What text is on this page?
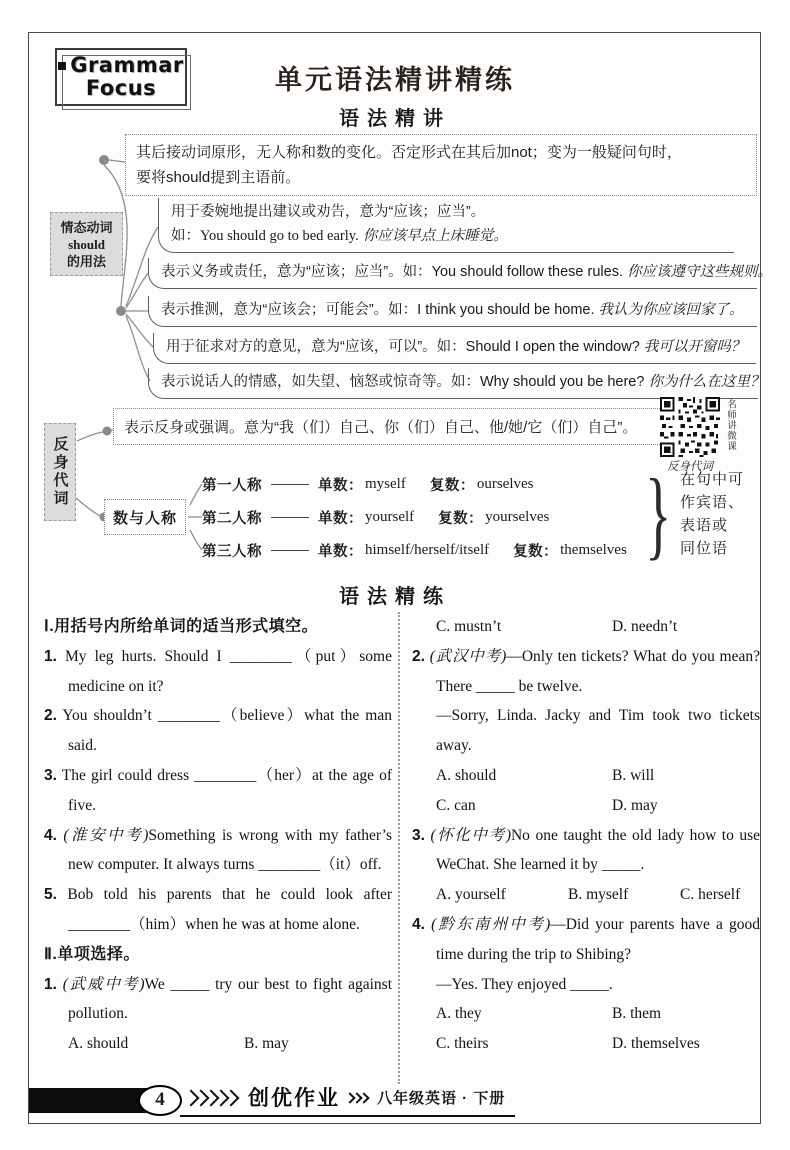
Grammar
Focus	单元语法精讲精练
语法精讲
其后接动词原形，无人称和数的变化。否定形式在其后加not；变为一般疑问句时，
要将should提到主语前。
情态动词
should
的用法
用于委婉地提出建议或劝告，意为“应该；应当”。
如：You should go to bed early. 你应该早点上床睡觉。
表示义务或责任，意为“应该；应当”。如：You should follow these rules. 你应该遵守这些规则。
表示推测，意为“应该会；可能会”。如：I think you should be home. 我认为你应该回家了。
用于征求对方的意见，意为“应该，可以”。如：Should I open the window? 我可以开窗吗？
表示说话人的情感，如失望、恼怒或惊奇等。如：Why should you be here? 你为什么在这里？
反身代词
表示反身或强调。意为“我（们）自己、你（们）自己、他/她/它（们）自己”。	名师讲微课
反身代词
数与人称
第一人称	单数： myself 复数： ourselves
第二人称	单数： yourself 复数： yourselves
第三人称	单数： himself/herself/itself 复数： themselves } 在句中可
作宾语、
表语或
同位语
语法精练
Ⅰ.用括号内所给单词的适当形式填空。
1. My leg hurts. Should I ________（put）some medicine on it?
2. You shouldn’t ________（believe）what the man said.
3. The girl could dress ________（her）at the age of five.
4. (淮安中考)Something is wrong with my father’s new computer. It always turns ________（it）off.
5. Bob told his parents that he could look after ________（him）when he was at home alone.
Ⅱ.单项选择。
1. (武威中考)We _____ try our best to fight against pollution.
A. should	B. may
C. mustn’t	D. needn’t
2. (武汉中考)—Only ten tickets? What do you mean? There _____ be twelve.
—Sorry, Linda. Jacky and Tim took two tickets away.
A. should	B. will
C. can	D. may
3. (怀化中考)No one taught the old lady how to use WeChat. She learned it by _____.
A. yourself	B. myself	C. herself
4. (黔东南州中考)—Did your parents have a good time during the trip to Shibing?
—Yes. They enjoyed _____.
A. they	B. them
C. theirs	D. themselves
4	创优作业 八年级英语 · 下册
